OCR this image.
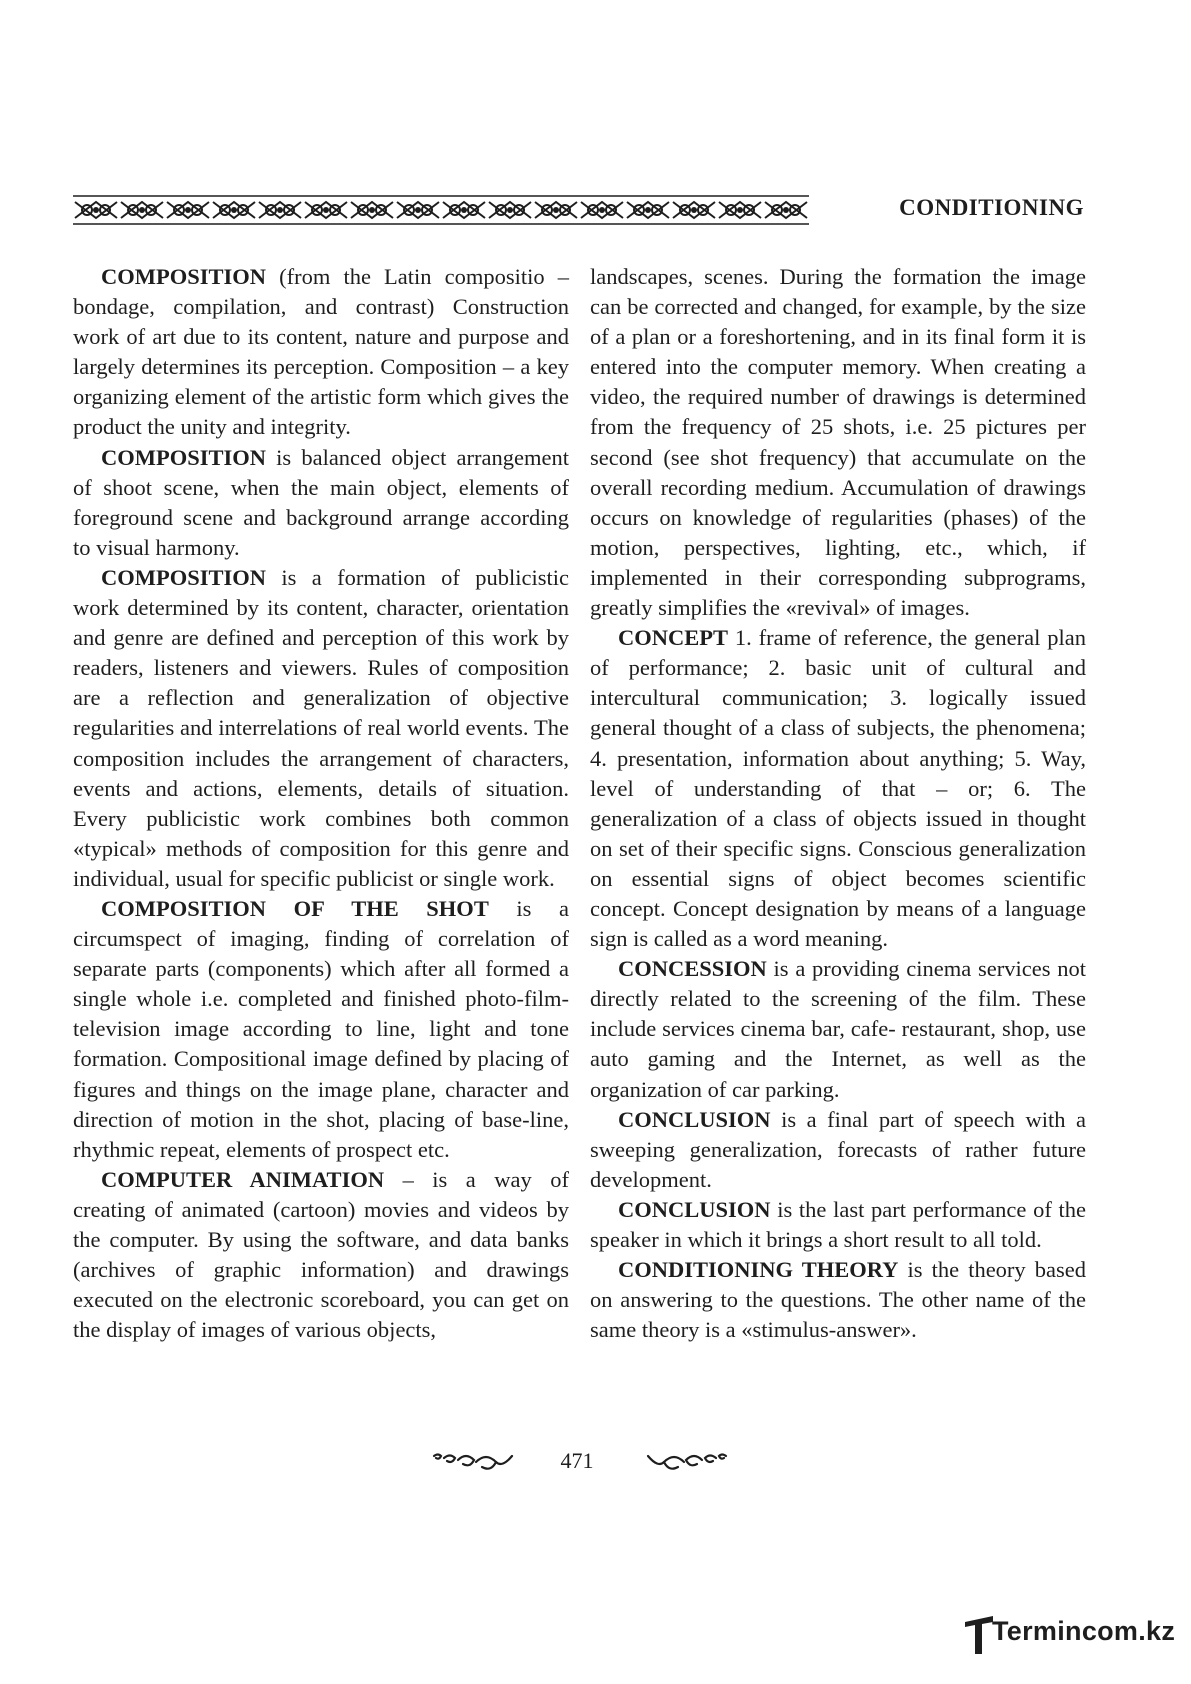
CONDITIONING

COMPOSITION (from the Latin compositio – bondage, compilation, and contrast) Construction work of art due to its content, nature and purpose and largely determines its perception. Composition – a key organizing element of the artistic form which gives the product the unity and integrity.

COMPOSITION is balanced object arrangement of shoot scene, when the main object, elements of foreground scene and background arrange according to visual harmony.

COMPOSITION is a formation of publicistic work determined by its content, character, orientation and genre are defined and perception of this work by readers, listeners and viewers. Rules of composition are a reflection and generalization of objective regularities and interrelations of real world events. The composition includes the arrangement of characters, events and actions, elements, details of situation. Every publicistic work combines both common «typical» methods of composition for this genre and individual, usual for specific publicist or single work.

COMPOSITION OF THE SHOT is a circumspect of imaging, finding of correlation of separate parts (components) which after all formed a single whole i.e. completed and finished photo-film-television image according to line, light and tone formation. Compositional image defined by placing of figures and things on the image plane, character and direction of motion in the shot, placing of base-line, rhythmic repeat, elements of prospect etc.

COMPUTER ANIMATION – is a way of creating of animated (cartoon) movies and videos by the computer. By using the software, and data banks (archives of graphic information) and drawings executed on the electronic scoreboard, you can get on the display of images of various objects,

landscapes, scenes. During the formation the image can be corrected and changed, for example, by the size of a plan or a foreshortening, and in its final form it is entered into the computer memory. When creating a video, the required number of drawings is determined from the frequency of 25 shots, i.e. 25 pictures per second (see shot frequency) that accumulate on the overall recording medium. Accumulation of drawings occurs on knowledge of regularities (phases) of the motion, perspectives, lighting, etc., which, if implemented in their corresponding subprograms, greatly simplifies the «revival» of images.

CONCEPT 1. frame of reference, the general plan of performance; 2. basic unit of cultural and intercultural communication; 3. logically issued general thought of a class of subjects, the phenomena; 4. presentation, information about anything; 5. Way, level of understanding of that – or; 6. The generalization of a class of objects issued in thought on set of their specific signs. Conscious generalization on essential signs of object becomes scientific concept. Concept designation by means of a language sign is called as a word meaning.

CONCESSION is a providing cinema services not directly related to the screening of the film. These include services cinema bar, cafe- restaurant, shop, use auto gaming and the Internet, as well as the organization of car parking.

CONCLUSION is a final part of speech with a sweeping generalization, forecasts of rather future development.

CONCLUSION is the last part performance of the speaker in which it brings a short result to all told.

CONDITIONING THEORY is the theory based on answering to the questions. The other name of the same theory is a «stimulus-answer».

471
Termincom.kz
